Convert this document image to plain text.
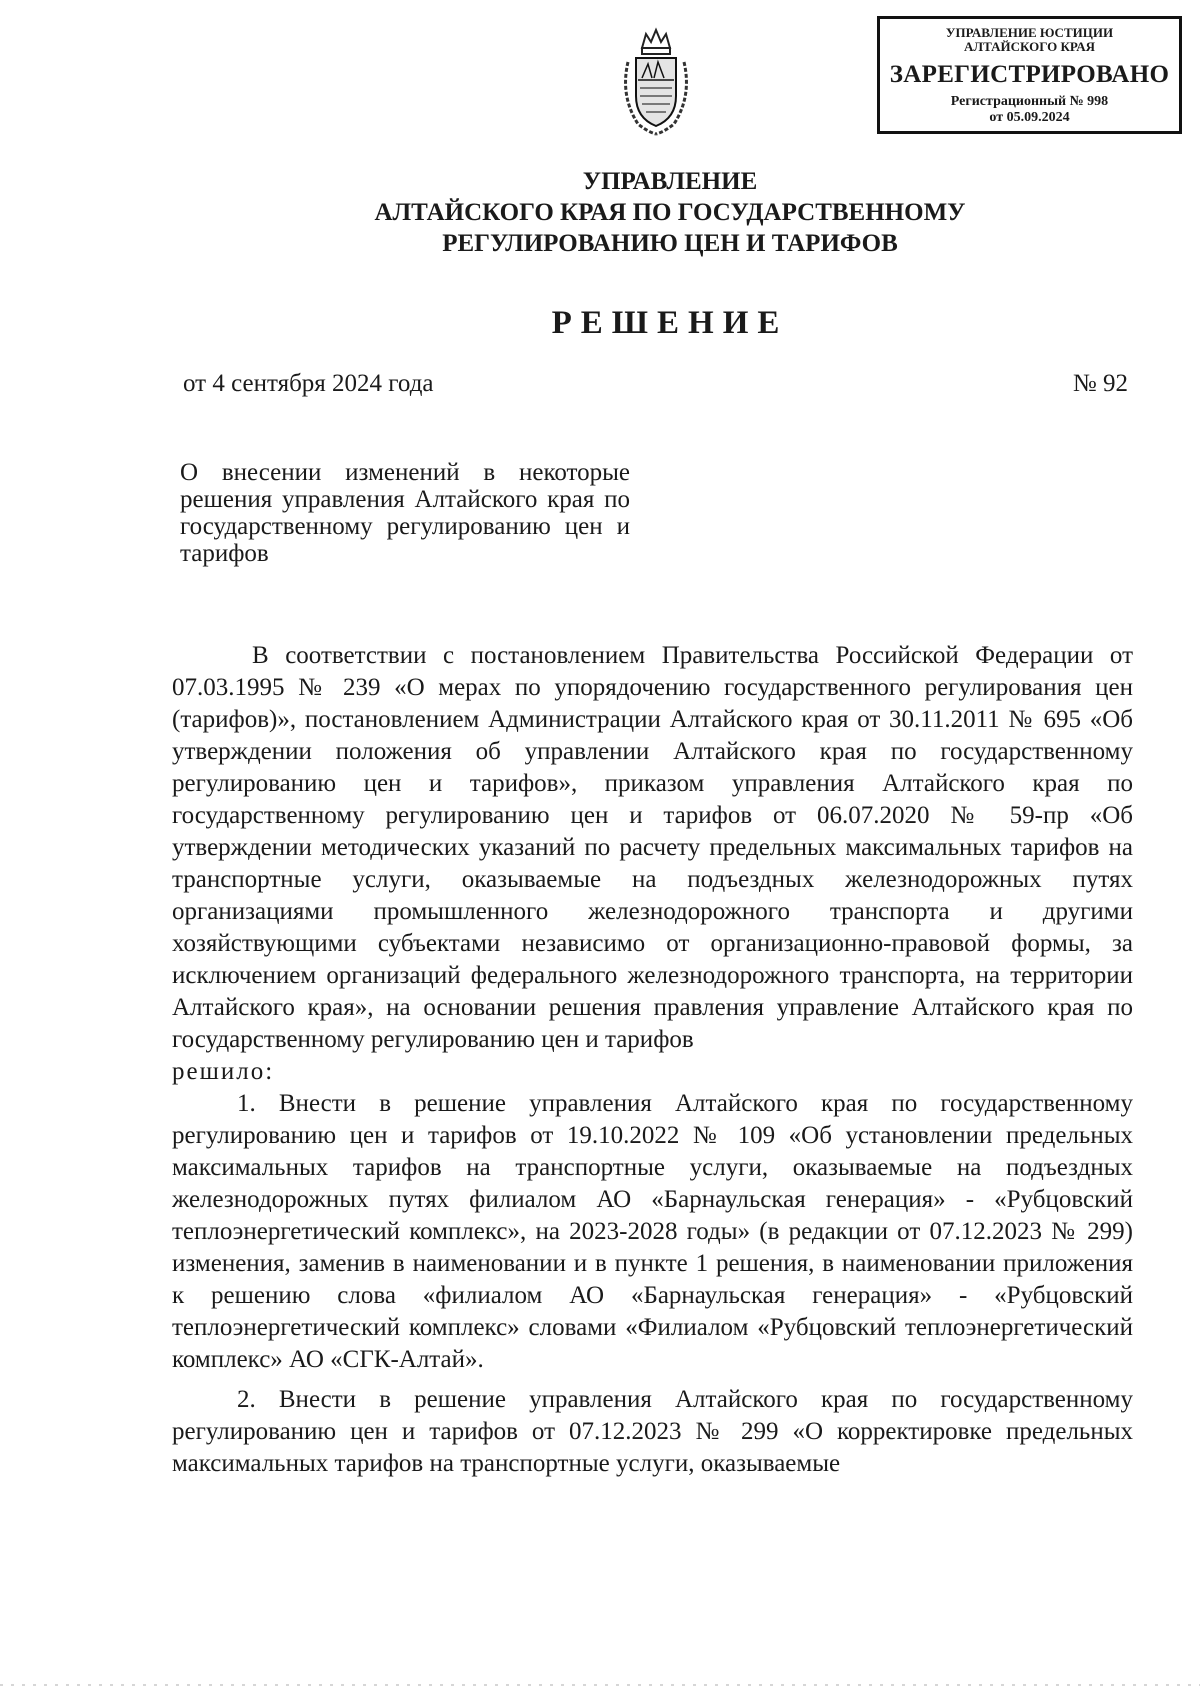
УПРАВЛЕНИЕ ЮСТИЦИИ
АЛТАЙСКОГО КРАЯ
ЗАРЕГИСТРИРОВАНО
Регистрационный № 998
от 05.09.2024
УПРАВЛЕНИЕ
АЛТАЙСКОГО КРАЯ ПО ГОСУДАРСТВЕННОМУ
РЕГУЛИРОВАНИЮ ЦЕН И ТАРИФОВ
РЕШЕНИЕ
от 4 сентября 2024 года	№ 92
О внесении изменений в некоторые решения управления Алтайского края по государственному регулированию цен и тарифов

В соответствии с постановлением Правительства Российской Федерации от 07.03.1995 № 239 «О мерах по упорядочению государственного регулирования цен (тарифов)», постановлением Администрации Алтайского края от 30.11.2011 № 695 «Об утверждении положения об управлении Алтайского края по государственному регулированию цен и тарифов», приказом управления Алтайского края по государственному регулированию цен и тарифов от 06.07.2020 № 59-пр «Об утверждении методических указаний по расчету предельных максимальных тарифов на транспортные услуги, оказываемые на подъездных железнодорожных путях организациями промышленного железнодорожного транспорта и другими хозяйствующими субъектами независимо от организационно-правовой формы, за исключением организаций федерального железнодорожного транспорта, на территории Алтайского края», на основании решения правления управление Алтайского края по государственному регулированию цен и тарифов

решило:

1. Внести в решение управления Алтайского края по государственному регулированию цен и тарифов от 19.10.2022 № 109 «Об установлении предельных максимальных тарифов на транспортные услуги, оказываемые на подъездных железнодорожных путях филиалом АО «Барнаульская генерация» - «Рубцовский теплоэнергетический комплекс», на 2023-2028 годы» (в редакции от 07.12.2023 № 299) изменения, заменив в наименовании и в пункте 1 решения, в наименовании приложения к решению слова «филиалом АО «Барнаульская генерация» - «Рубцовский теплоэнергетический комплекс» словами «Филиалом «Рубцовский теплоэнергетический комплекс» АО «СГК-Алтай».

2. Внести в решение управления Алтайского края по государственному регулированию цен и тарифов от 07.12.2023 № 299 «О корректировке предельных максимальных тарифов на транспортные услуги, оказываемые
